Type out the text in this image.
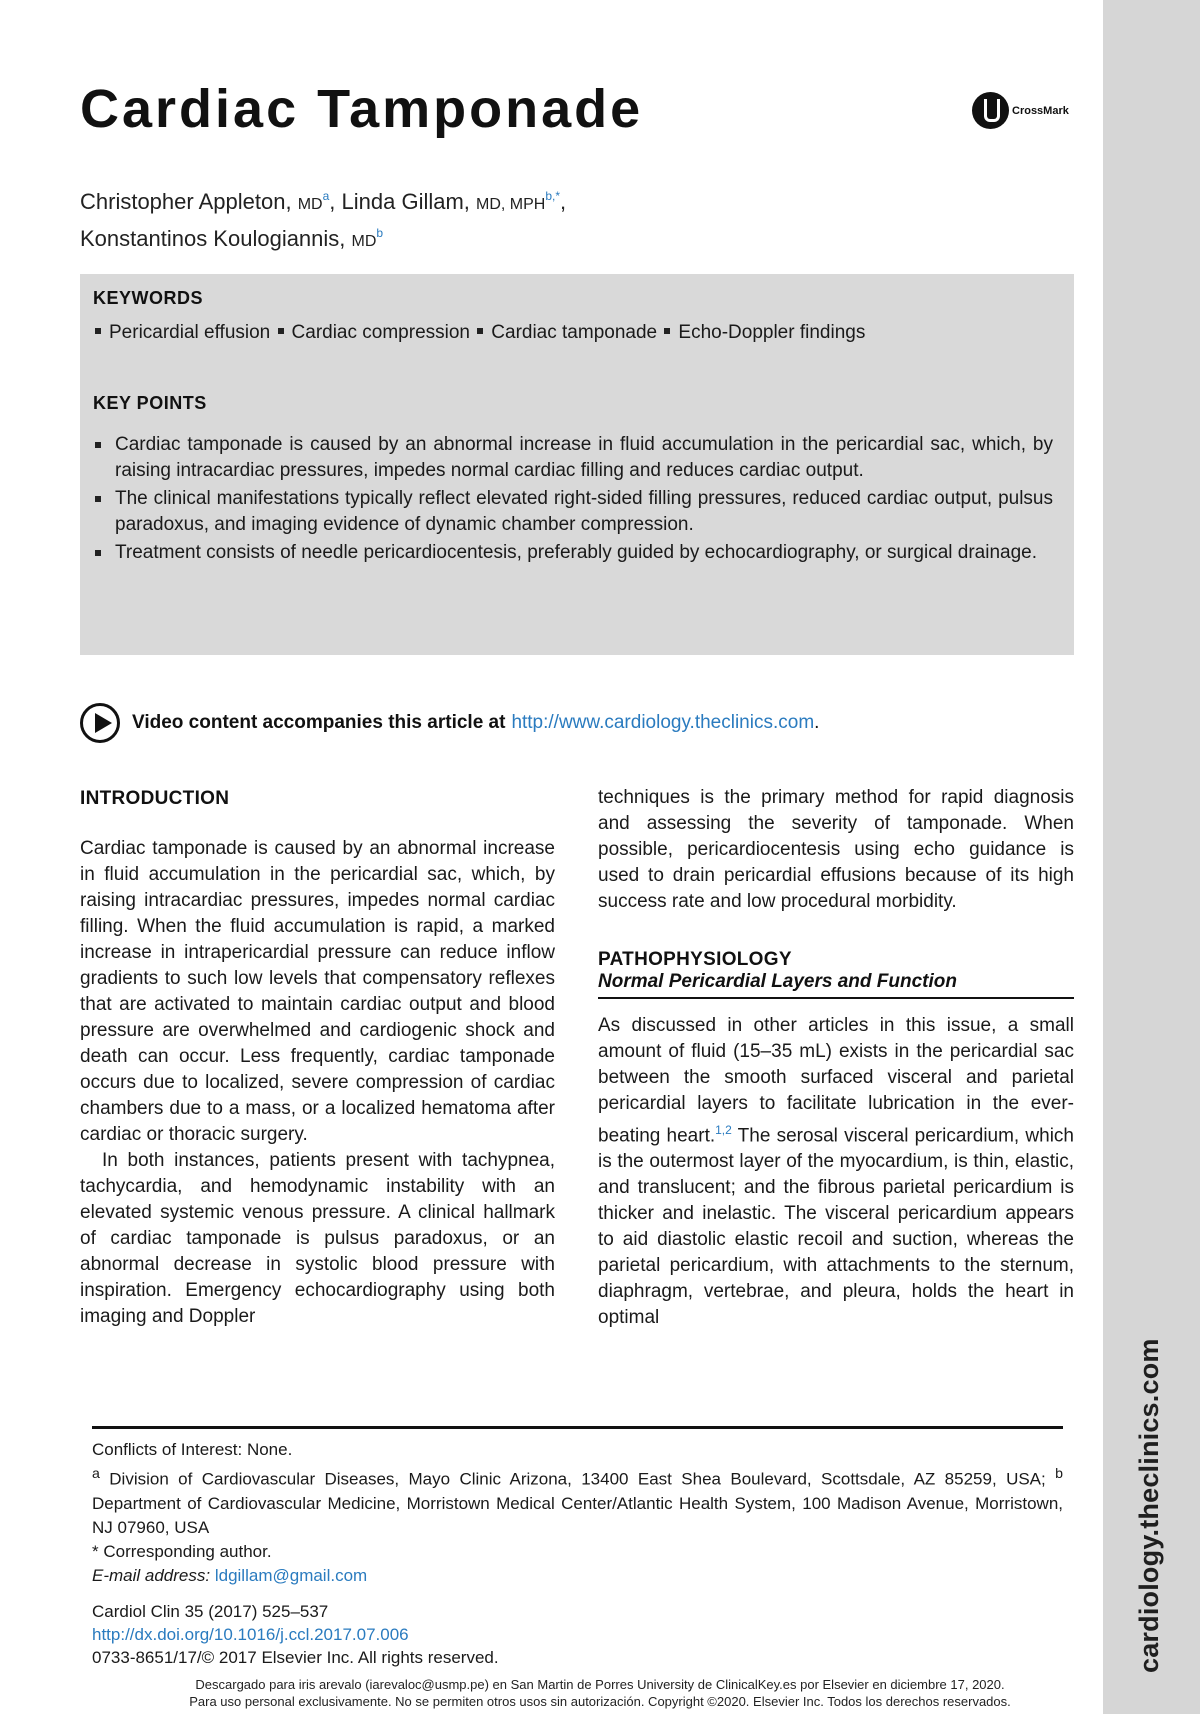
cardiology.theclinics.com
Cardiac Tamponade	CrossMark
Christopher Appleton, $MD^a$, Linda Gillam, MD, $MPH^{b,*}$,
Konstantinos Koulogiannis, $MD^b$
KEYWORDS
Pericardial effusion Cardiac compression Cardiac tamponade Echo-Doppler findings
KEY POINTS
Cardiac tamponade is caused by an abnormal increase in fluid accumulation in the pericardial sac, which, by raising intracardiac pressures, impedes normal cardiac filling and reduces cardiac output.
The clinical manifestations typically reflect elevated right-sided filling pressures, reduced cardiac output, pulsus paradoxus, and imaging evidence of dynamic chamber compression.
Treatment consists of needle pericardiocentesis, preferably guided by echocardiography, or surgical drainage.
Video content accompanies this article at http://www.cardiology.theclinics.com .
INTRODUCTION

Cardiac tamponade is caused by an abnormal increase in fluid accumulation in the pericardial sac, which, by raising intracardiac pressures, impedes normal cardiac filling. When the fluid accumulation is rapid, a marked increase in intrapericardial pressure can reduce inflow gradients to such low levels that compensatory reflexes that are activated to maintain cardiac output and blood pressure are overwhelmed and cardiogenic shock and death can occur. Less frequently, cardiac tamponade occurs due to localized, severe compression of cardiac chambers due to a mass, or a localized hematoma after cardiac or thoracic surgery.

In both instances, patients present with tachypnea, tachycardia, and hemodynamic instability with an elevated systemic venous pressure. A clinical hallmark of cardiac tamponade is pulsus paradoxus, or an abnormal decrease in systolic blood pressure with inspiration. Emergency echocardiography using both imaging and Doppler

techniques is the primary method for rapid diagnosis and assessing the severity of tamponade. When possible, pericardiocentesis using echo guidance is used to drain pericardial effusions because of its high success rate and low procedural morbidity.

PATHOPHYSIOLOGY
Normal Pericardial Layers and Function

As discussed in other articles in this issue, a small amount of fluid (15–35 mL) exists in the pericardial sac between the smooth surfaced visceral and parietal pericardial layers to facilitate lubrication in the ever-beating heart.$^{1,2}$ The serosal visceral pericardium, which is the outermost layer of the myocardium, is thin, elastic, and translucent; and the fibrous parietal pericardium is thicker and inelastic. The visceral pericardium appears to aid diastolic elastic recoil and suction, whereas the parietal pericardium, with attachments to the sternum, diaphragm, vertebrae, and pleura, holds the heart in optimal

Conflicts of Interest: None.
$^a$ Division of Cardiovascular Diseases, Mayo Clinic Arizona, 13400 East Shea Boulevard, Scottsdale, AZ 85259, USA; $^b$ Department of Cardiovascular Medicine, Morristown Medical Center/Atlantic Health System, 100 Madison Avenue, Morristown, NJ 07960, USA
* Corresponding author.
E-mail address: ldgillam@gmail.com
Cardiol Clin 35 (2017) 525–537
http://dx.doi.org/10.1016/j.ccl.2017.07.006
0733-8651/17/© 2017 Elsevier Inc. All rights reserved.
Descargado para iris arevalo (iarevaloc@usmp.pe) en San Martin de Porres University de ClinicalKey.es por Elsevier en diciembre 17, 2020.
Para uso personal exclusivamente. No se permiten otros usos sin autorización. Copyright ©2020. Elsevier Inc. Todos los derechos reservados.
